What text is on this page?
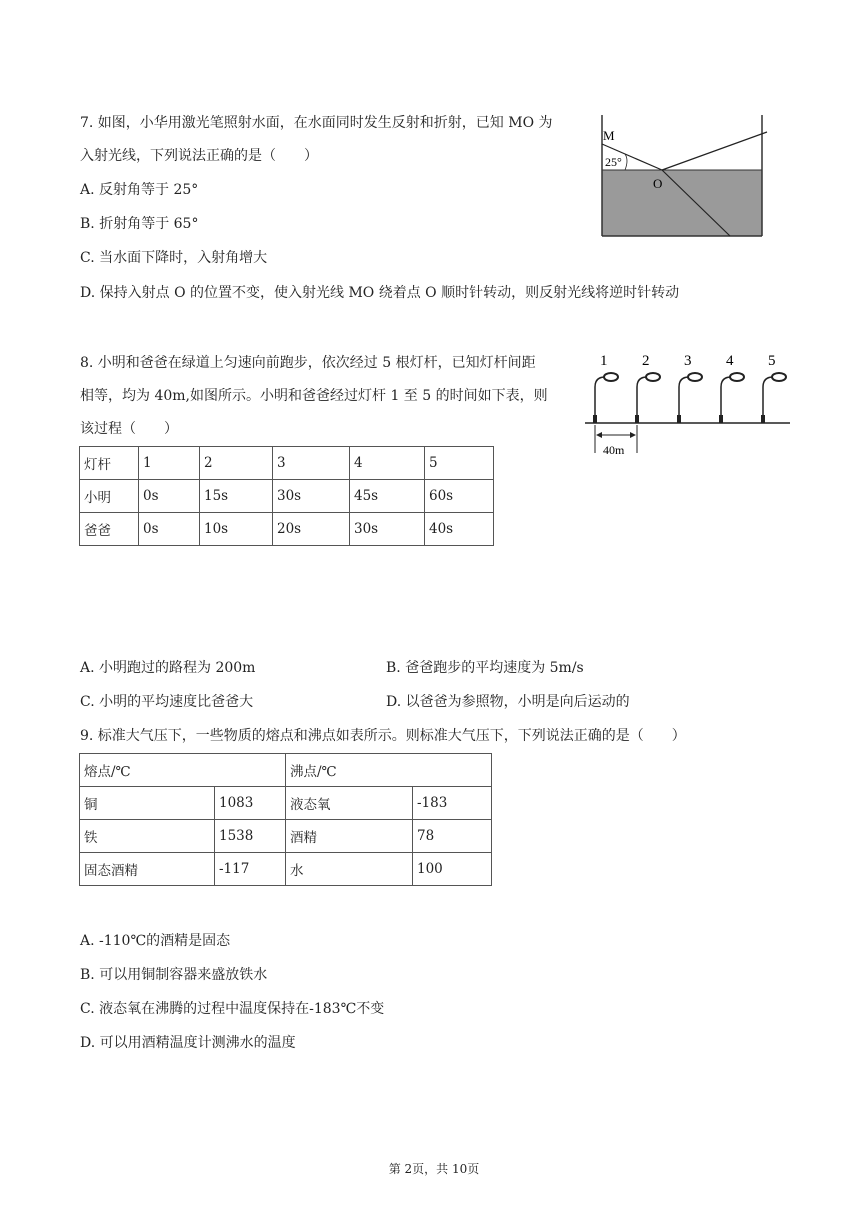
7. 如图，小华用激光笔照射水面，在水面同时发生反射和折射，已知 MO 为
入射光线，下列说法正确的是（　　）
A. 反射角等于 25°
B. 折射角等于 65°
C. 当水面下降时，入射角增大
D. 保持入射点 O 的位置不变，使入射光线 MO 绕着点 O 顺时针转动，则反射光线将逆时针转动
M
25°
O
8. 小明和爸爸在绿道上匀速向前跑步，依次经过 5 根灯杆，已知灯杆间距
相等，均为 40m,如图所示。小明和爸爸经过灯杆 1 至 5 的时间如下表，则
该过程（　　）
1 2 3 4 5
40m
灯杆	1	2	3	4	5
小明	0s	15s	30s	45s	60s
爸爸	0s	10s	20s	30s	40s
A. 小明跑过的路程为 200m	B. 爸爸跑步的平均速度为 5m/s
C. 小明的平均速度比爸爸大	D. 以爸爸为参照物，小明是向后运动的
9. 标准大气压下，一些物质的熔点和沸点如表所示。则标准大气压下，下列说法正确的是（　　）
熔点/℃		沸点/℃	
铜	1083	液态氧	-183
铁	1538	酒精	78
固态酒精	-117	水	100
A. -110℃的酒精是固态
B. 可以用铜制容器来盛放铁水
C. 液态氧在沸腾的过程中温度保持在-183℃不变
D. 可以用酒精温度计测沸水的温度
第 2页，共 10页
